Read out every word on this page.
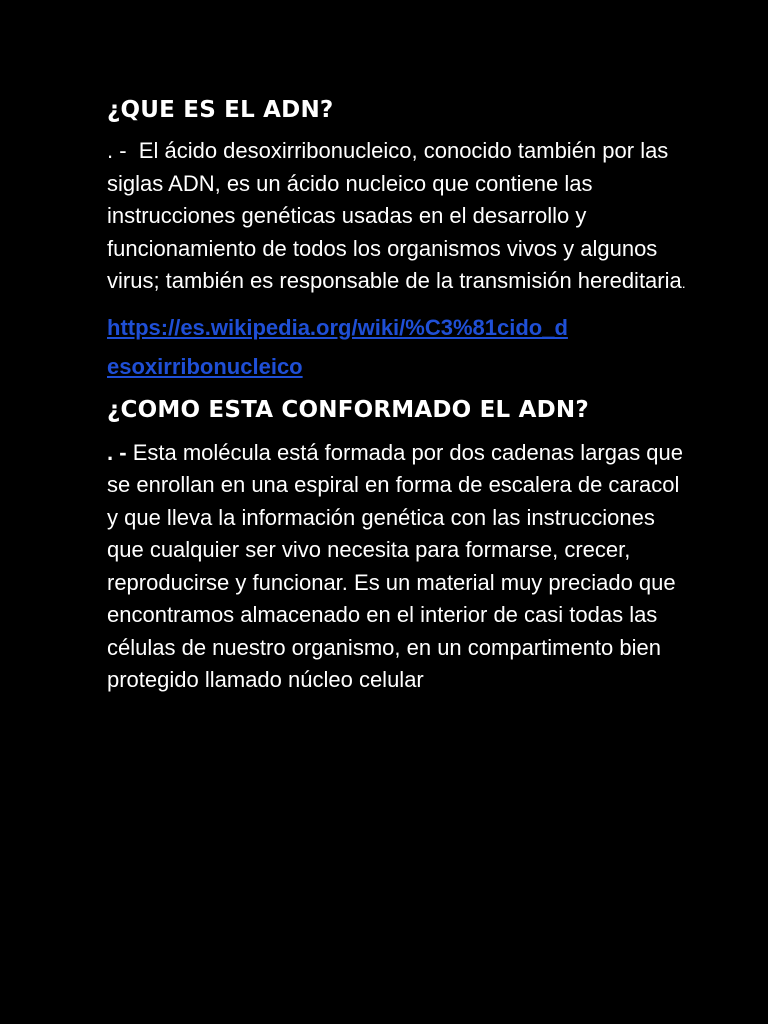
¿QUE ES EL ADN?

. - El ácido desoxirribonucleico, conocido también por las siglas ADN, es un ácido nucleico que contiene las instrucciones genéticas usadas en el desarrollo y funcionamiento de todos los organismos vivos y algunos virus; también es responsable de la transmisión hereditaria.

https://es.wikipedia.org/wiki/%C3%81cido_desoxirribonucleico
¿COMO ESTA CONFORMADO EL ADN?

. - Esta molécula está formada por dos cadenas largas que se enrollan en una espiral en forma de escalera de caracol y que lleva la información genética con las instrucciones que cualquier ser vivo necesita para formarse, crecer, reproducirse y funcionar. Es un material muy preciado que encontramos almacenado en el interior de casi todas las células de nuestro organismo, en un compartimento bien protegido llamado núcleo celular
